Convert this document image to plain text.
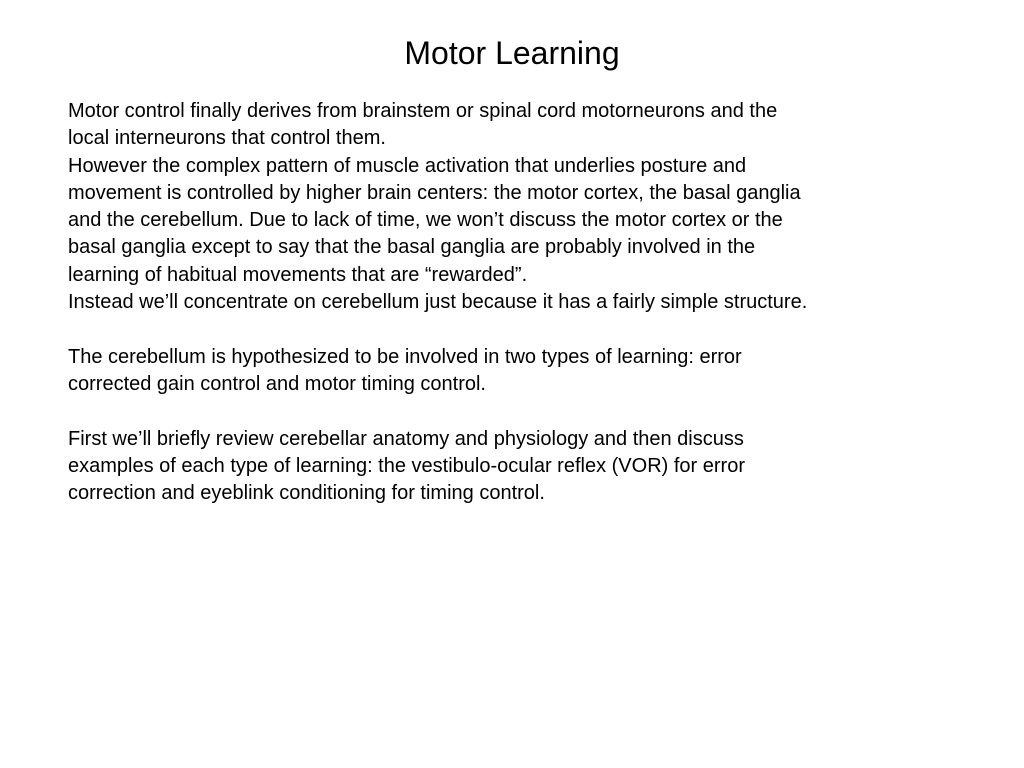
Motor Learning

Motor control finally derives from brainstem or spinal cord motorneurons and the

local interneurons that control them.

However the complex pattern of muscle activation that underlies posture and

movement is controlled by higher brain centers: the motor cortex, the basal ganglia

and the cerebellum. Due to lack of time, we won’t discuss the motor cortex or the

basal ganglia except to say that the basal ganglia are probably involved in the

learning of habitual movements that are “rewarded”.

Instead we’ll concentrate on cerebellum just because it has a fairly simple structure.

The cerebellum is hypothesized to be involved in two types of learning: error

corrected gain control and motor timing control.

First we’ll briefly review cerebellar anatomy and physiology and then discuss

examples of each type of learning: the vestibulo-ocular reflex (VOR) for error

correction and eyeblink conditioning for timing control.
